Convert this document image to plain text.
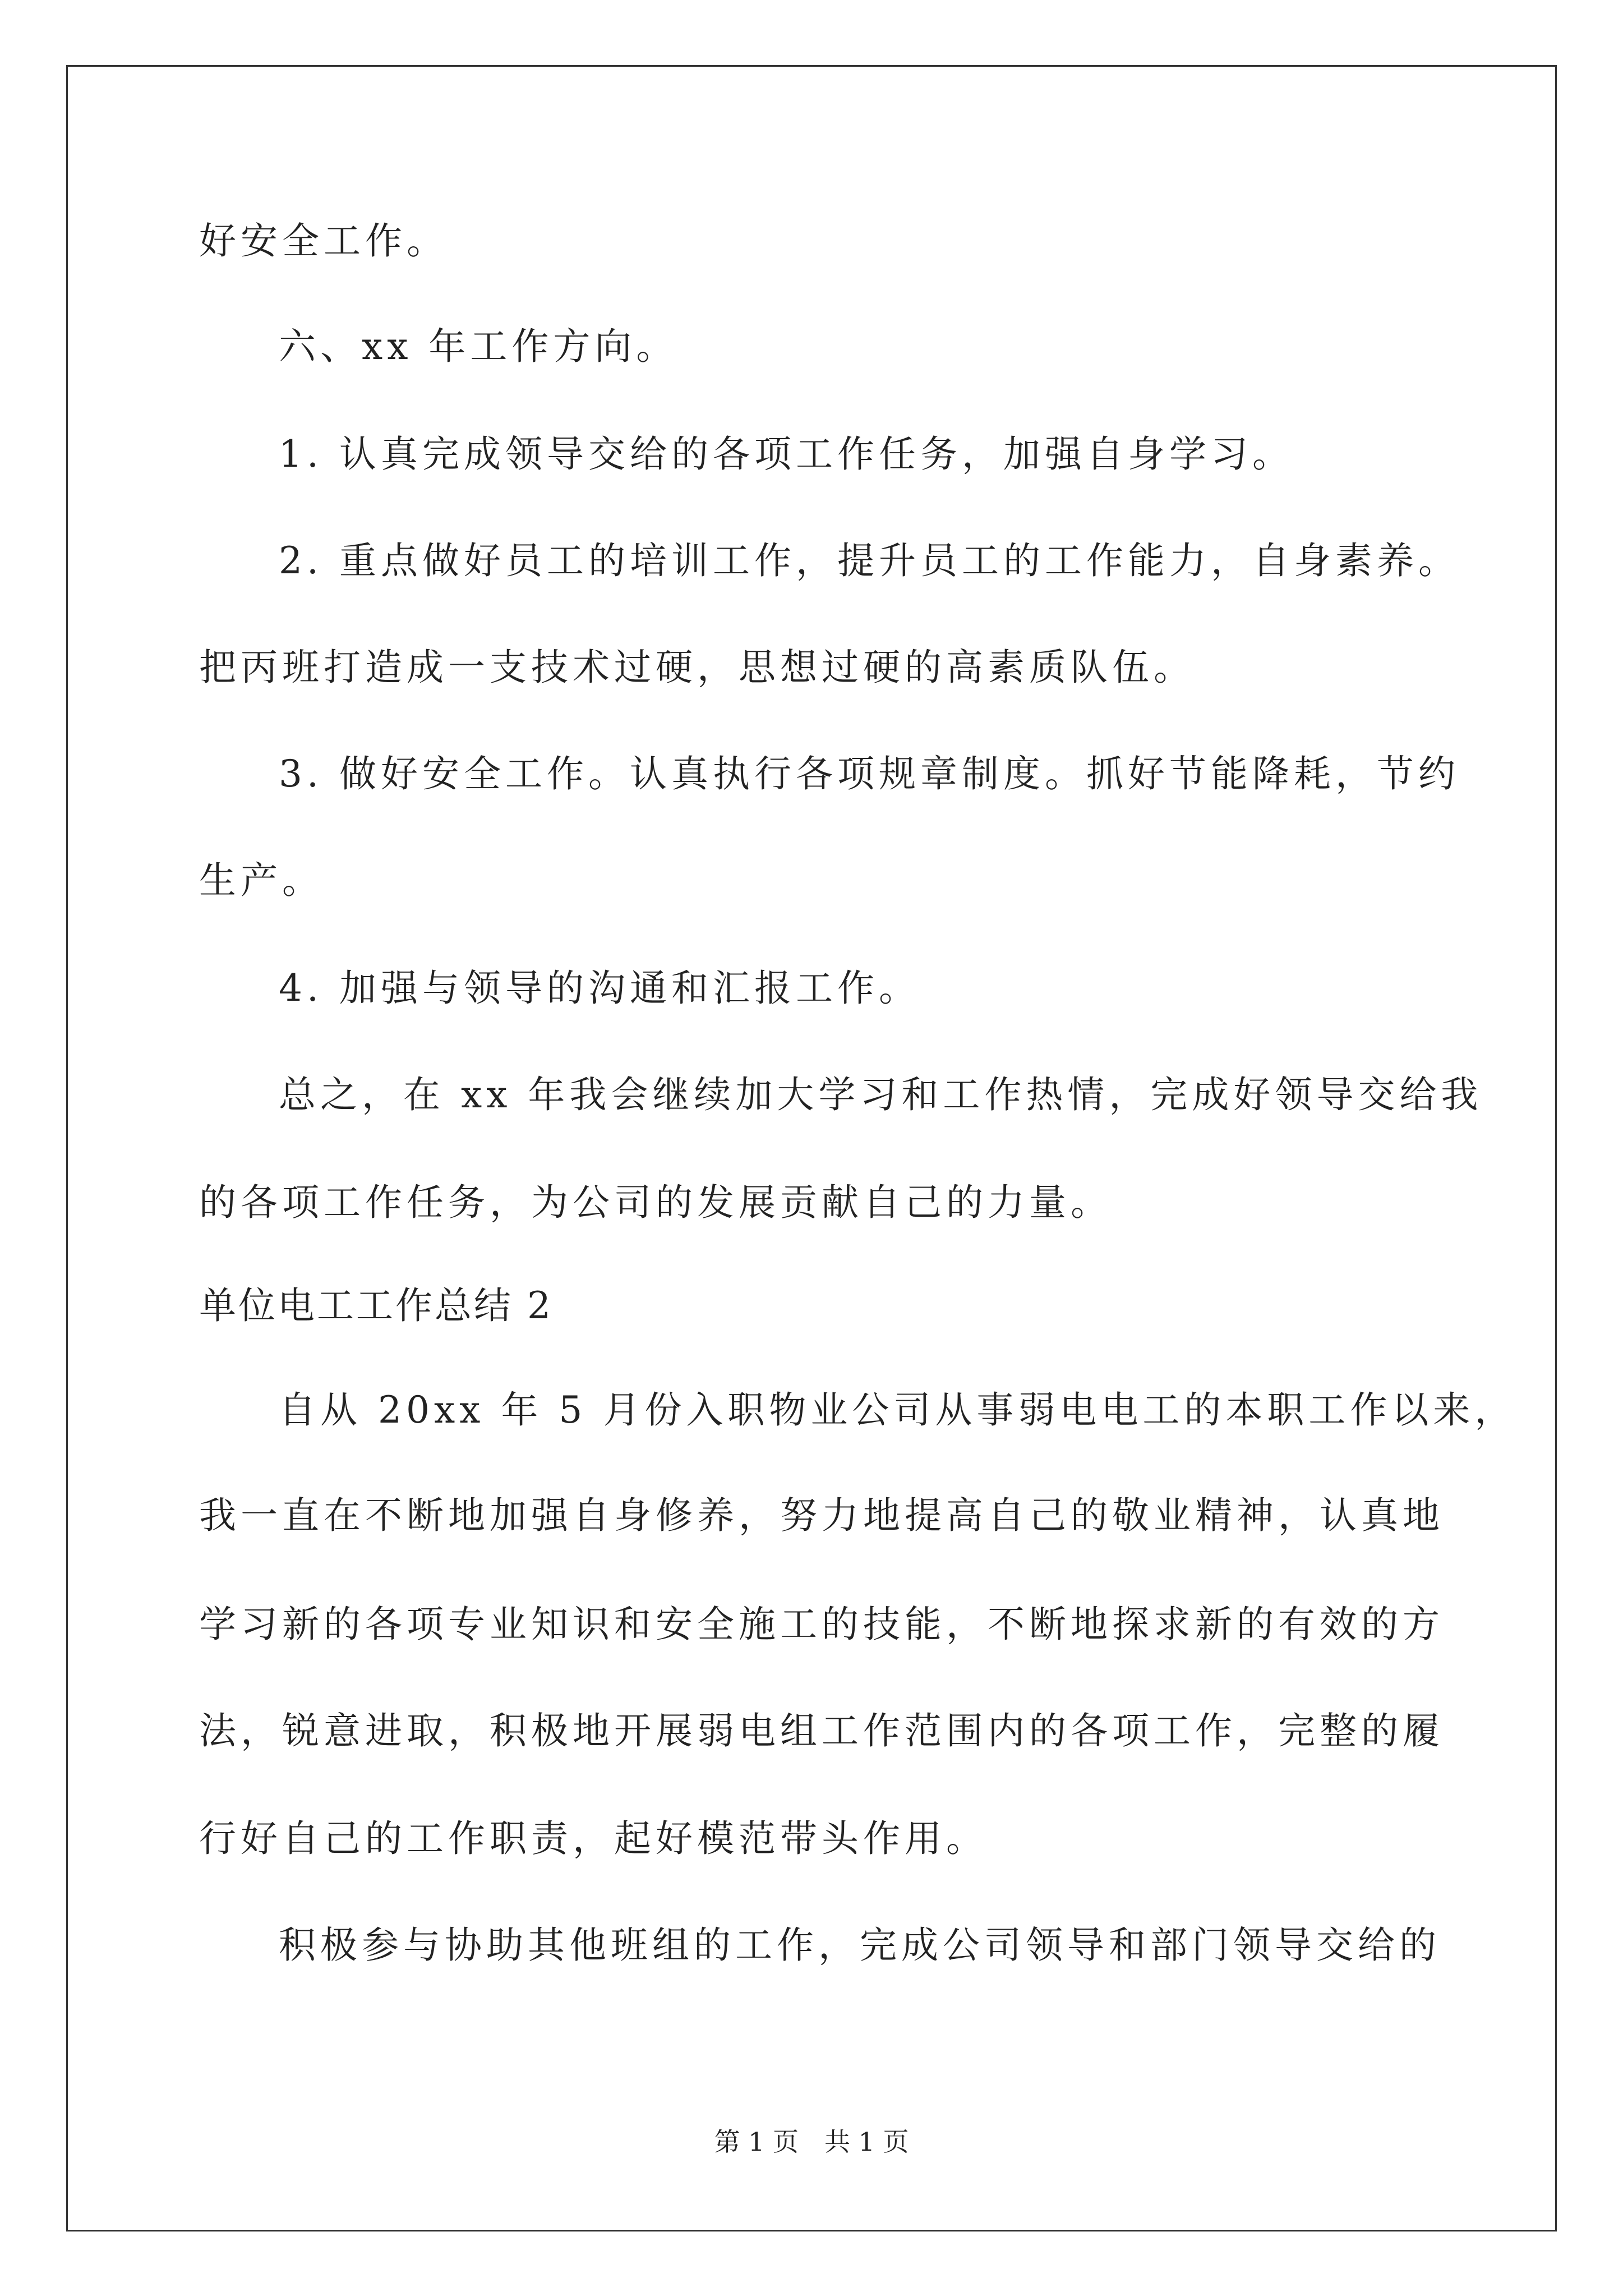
好安全工作。
六、xx 年工作方向。
1. 认真完成领导交给的各项工作任务，加强自身学习。
2. 重点做好员工的培训工作，提升员工的工作能力，自身素养。
把丙班打造成一支技术过硬，思想过硬的高素质队伍。
3. 做好安全工作。认真执行各项规章制度。抓好节能降耗，节约
生产。
4. 加强与领导的沟通和汇报工作。
总之，在 xx 年我会继续加大学习和工作热情，完成好领导交给我
的各项工作任务，为公司的发展贡献自己的力量。
单位电工工作总结 2
自从 20xx 年 5 月份入职物业公司从事弱电电工的本职工作以来，
我一直在不断地加强自身修养，努力地提高自己的敬业精神，认真地
学习新的各项专业知识和安全施工的技能，不断地探求新的有效的方
法，锐意进取，积极地开展弱电组工作范围内的各项工作，完整的履
行好自己的工作职责，起好模范带头作用。
积极参与协助其他班组的工作，完成公司领导和部门领导交给的
第 1 页　共 1 页
